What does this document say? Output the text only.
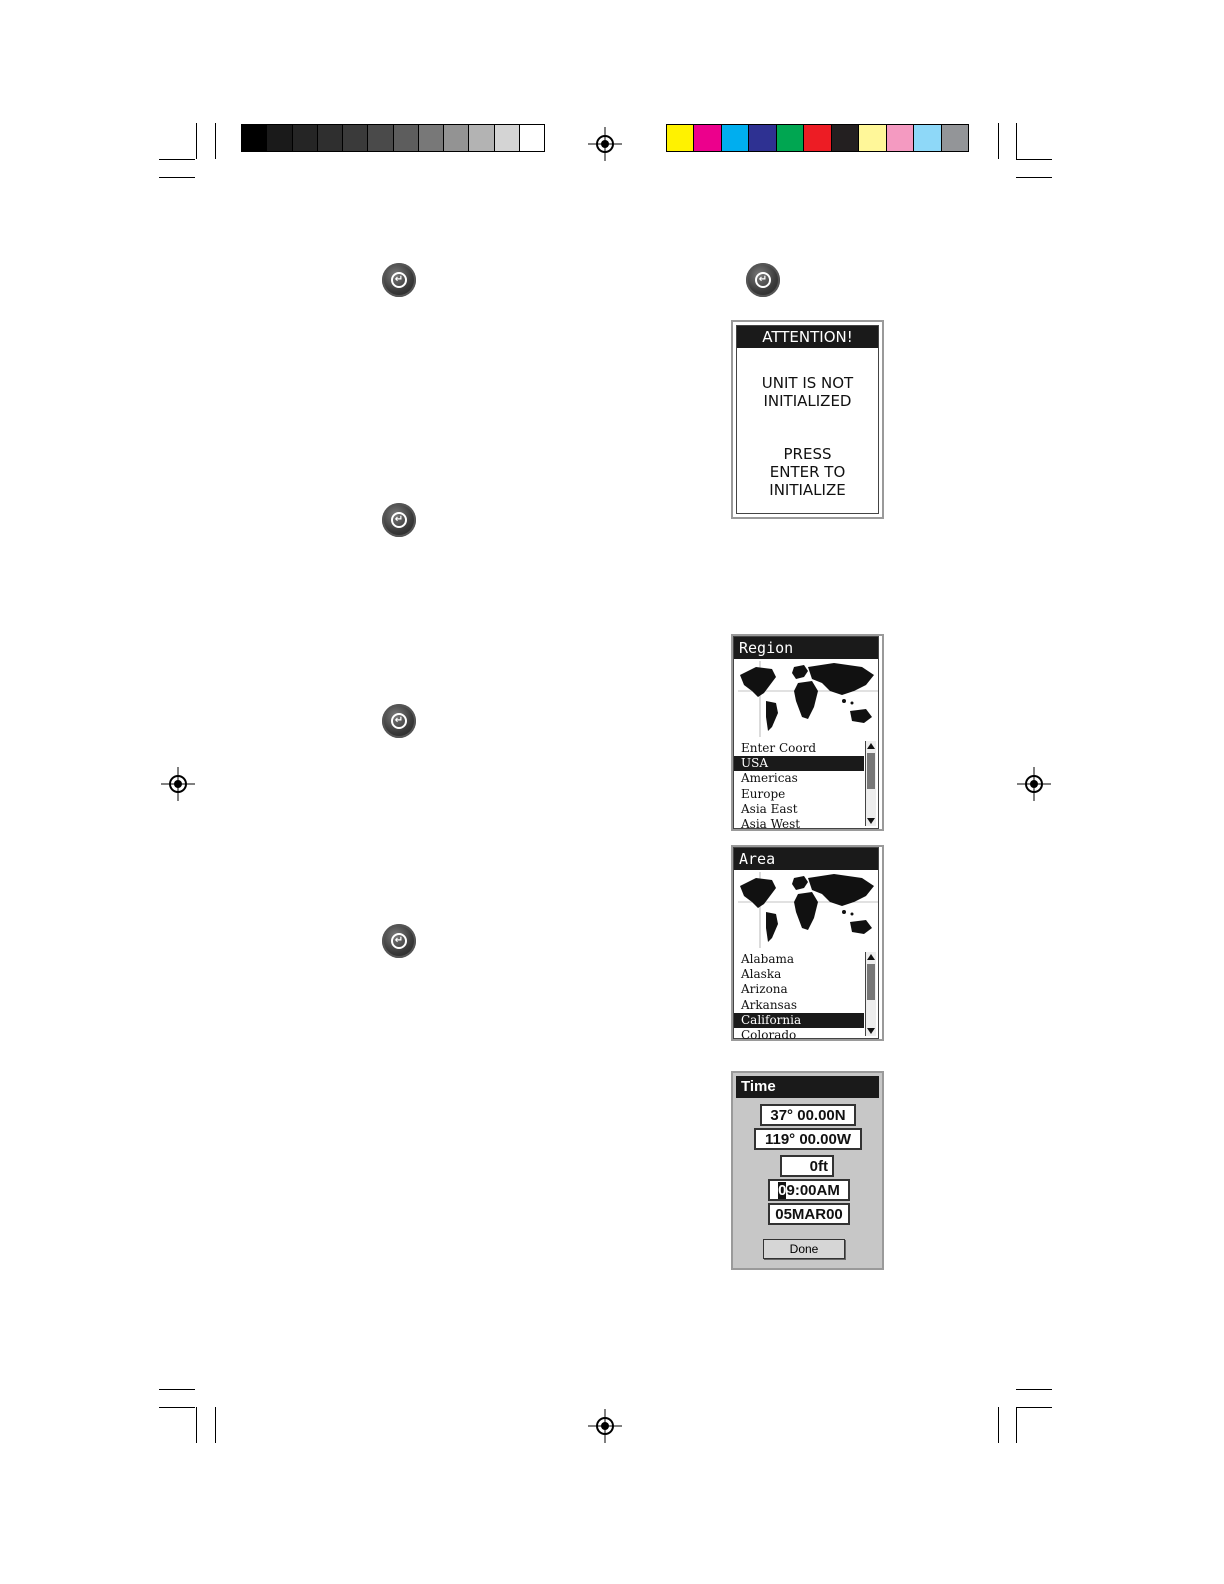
↵	↵
↵
↵
↵
ATTENTION!
UNIT IS NOT
INITIALIZED
PRESS
ENTER TO
INITIALIZE
Region
Enter Coord
USA
Americas
Europe
Asia East
Asia West
Area
Alabama
Alaska
Arizona
Arkansas
California
Colorado
Time
37° 00.00N
119° 00.00W
0ft
09:00AM
05MAR00
Done
